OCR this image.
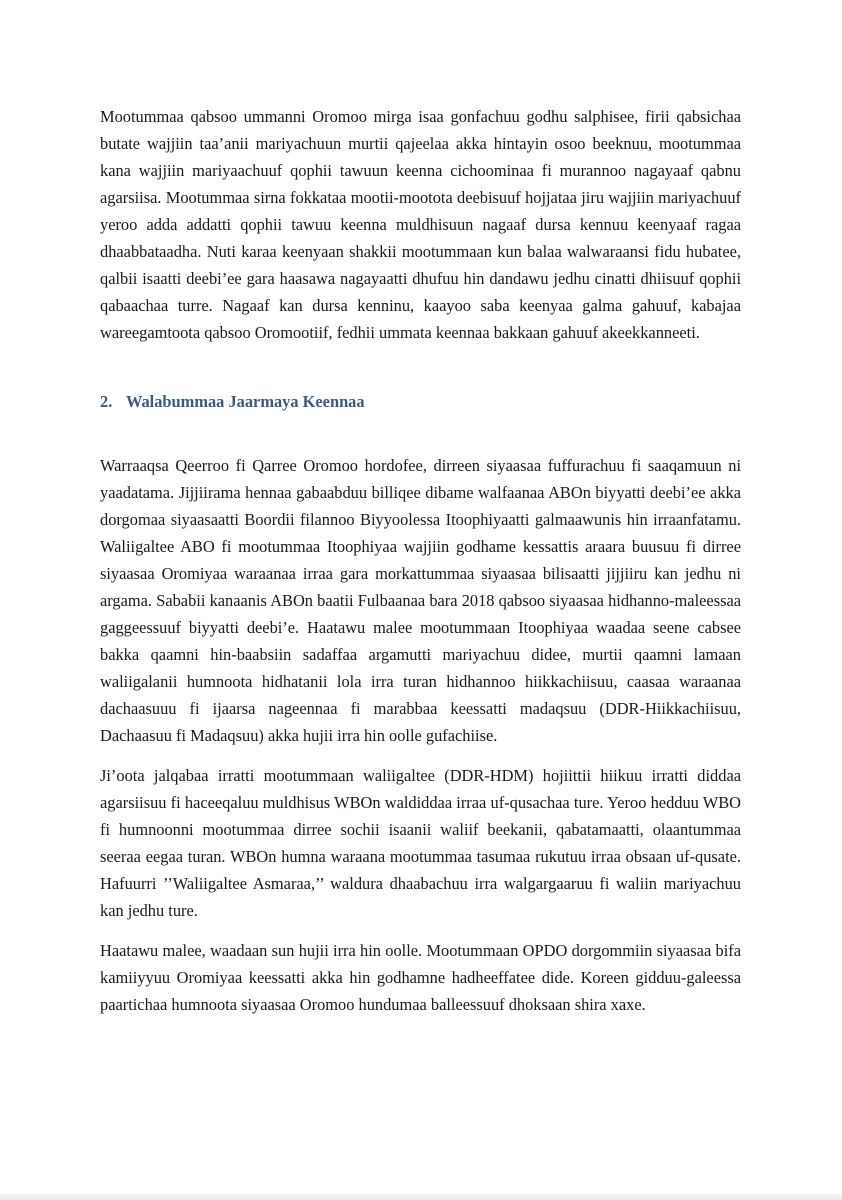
Mootummaa qabsoo ummanni Oromoo mirga isaa gonfachuu godhu salphisee, firii qabsichaa butate wajjiin taa’anii mariyachuun murtii qajeelaa akka hintayin osoo beeknuu, mootummaa kana wajjiin mariyaachuuf qophii tawuun keenna cichoominaa fi murannoo nagayaaf qabnu agarsiisa. Mootummaa sirna fokkataa mootii-mootota deebisuuf hojjataa jiru wajjiin mariyachuuf yeroo adda addatti qophii tawuu keenna muldhisuun nagaaf dursa kennuu keenyaaf ragaa dhaabbataadha. Nuti karaa keenyaan shakkii mootummaan kun balaa walwaraansi fidu hubatee, qalbii isaatti deebi’ee gara haasawa nagayaatti dhufuu hin dandawu jedhu cinatti dhiisuuf qophii qabaachaa turre. Nagaaf kan dursa kenninu, kaayoo saba keenyaa galma gahuuf, kabajaa wareegamtoota qabsoo Oromootiif, fedhii ummata keennaa bakkaan gahuuf akeekkanneeti.

2. Walabummaa Jaarmaya Keennaa

Warraaqsa Qeerroo fi Qarree Oromoo hordofee, dirreen siyaasaa fuffurachuu fi saaqamuun ni yaadatama. Jijjiirama hennaa gabaabduu billiqee dibame walfaanaa ABOn biyyatti deebi’ee akka dorgomaa siyaasaatti Boordii filannoo Biyyoolessa Itoophiyaatti galmaawunis hin irraanfatamu. Waliigaltee ABO fi mootummaa Itoophiyaa wajjiin godhame kessattis araara buusuu fi dirree siyaasaa Oromiyaa waraanaa irraa gara morkattummaa siyaasaa bilisaatti jijjiiru kan jedhu ni argama. Sababii kanaanis ABOn baatii Fulbaanaa bara 2018 qabsoo siyaasaa hidhanno-maleessaa gaggeessuuf biyyatti deebi’e. Haatawu malee mootummaan Itoophiyaa waadaa seene cabsee bakka qaamni hin-baabsiin sadaffaa argamutti mariyachuu didee, murtii qaamni lamaan waliigalanii humnoota hidhatanii lola irra turan hidhannoo hiikkachiisuu, caasaa waraanaa dachaasuuu fi ijaarsa nageennaa fi marabbaa keessatti madaqsuu (DDR-Hiikkachiisuu, Dachaasuu fi Madaqsuu) akka hujii irra hin oolle gufachiise.

Ji’oota jalqabaa irratti mootummaan waliigaltee (DDR-HDM) hojiittii hiikuu irratti diddaa agarsiisuu fi haceeqaluu muldhisus WBOn waldiddaa irraa uf-qusachaa ture. Yeroo hedduu WBO fi humnoonni mootummaa dirree sochii isaanii waliif beekanii, qabatamaatti, olaantummaa seeraa eegaa turan. WBOn humna waraana mootummaa tasumaa rukutuu irraa obsaan uf-qusate. Hafuurri ’’Waliigaltee Asmaraa,’’ waldura dhaabachuu irra walgargaaruu fi waliin mariyachuu kan jedhu ture.

Haatawu malee, waadaan sun hujii irra hin oolle. Mootummaan OPDO dorgommiin siyaasaa bifa kamiiyyuu Oromiyaa keessatti akka hin godhamne hadheeffatee dide. Koreen gidduu-galeessa paartichaa humnoota siyaasaa Oromoo hundumaa balleessuuf dhoksaan shira xaxe.
